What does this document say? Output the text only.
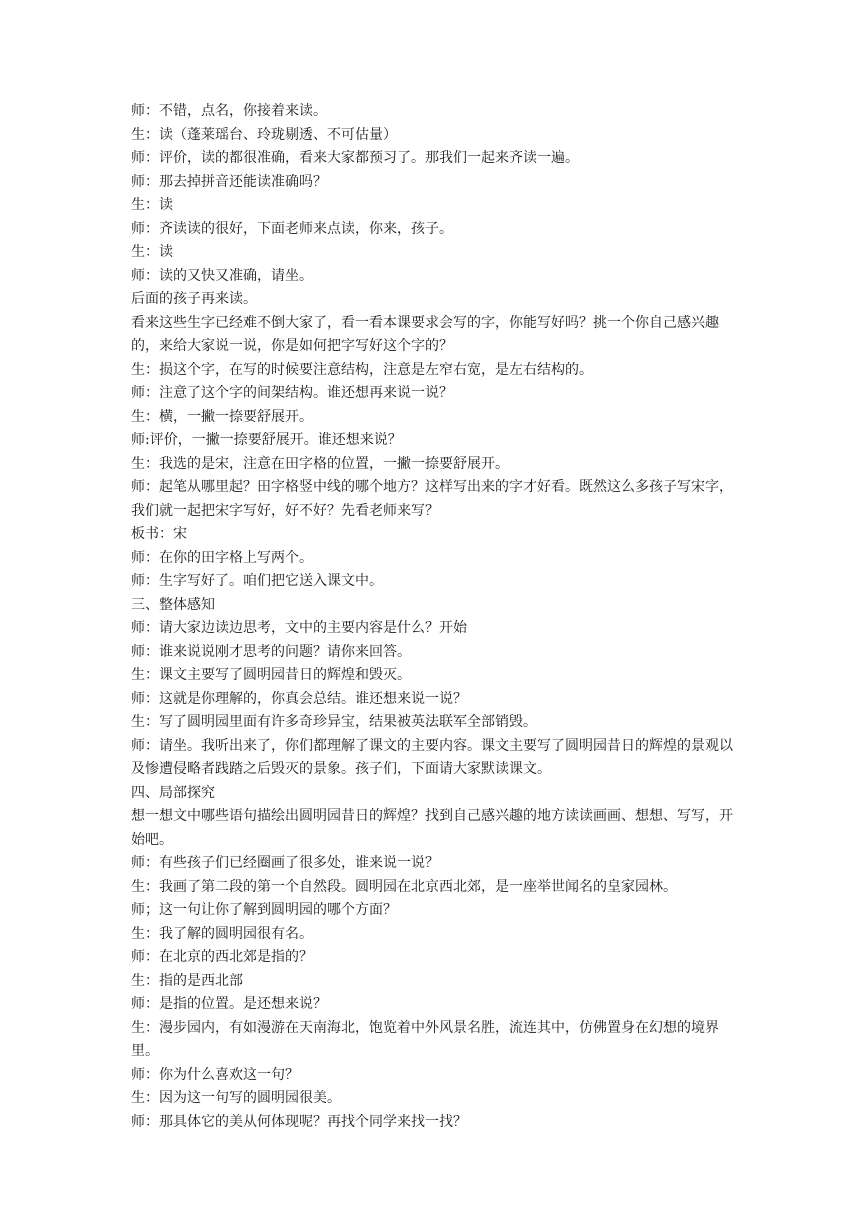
师：不错，点名，你接着来读。

生：读（蓬莱瑶台、玲珑剔透、不可估量）

师：评价，读的都很准确，看来大家都预习了。那我们一起来齐读一遍。

师：那去掉拼音还能读准确吗？

生：读

师：齐读读的很好，下面老师来点读，你来，孩子。

生：读

师：读的又快又准确，请坐。

后面的孩子再来读。

看来这些生字已经难不倒大家了，看一看本课要求会写的字，你能写好吗？挑一个你自己感兴趣的，来给大家说一说，你是如何把字写好这个字的？

生：损这个字，在写的时候要注意结构，注意是左窄右宽，是左右结构的。

师：注意了这个字的间架结构。谁还想再来说一说？

生：横，一撇一捺要舒展开。

师:评价，一撇一捺要舒展开。谁还想来说？

生：我选的是宋，注意在田字格的位置，一撇一捺要舒展开。

师：起笔从哪里起？田字格竖中线的哪个地方？这样写出来的字才好看。既然这么多孩子写宋字，我们就一起把宋字写好，好不好？先看老师来写？

板书：宋

师：在你的田字格上写两个。

师：生字写好了。咱们把它送入课文中。

三、整体感知

师：请大家边读边思考，文中的主要内容是什么？开始

师：谁来说说刚才思考的问题？请你来回答。

生：课文主要写了圆明园昔日的辉煌和毁灭。

师：这就是你理解的，你真会总结。谁还想来说一说？

生：写了圆明园里面有许多奇珍异宝，结果被英法联军全部销毁。

师：请坐。我听出来了，你们都理解了课文的主要内容。课文主要写了圆明园昔日的辉煌的景观以及惨遭侵略者践踏之后毁灭的景象。孩子们，下面请大家默读课文。

四、局部探究

想一想文中哪些语句描绘出圆明园昔日的辉煌？找到自己感兴趣的地方读读画画、想想、写写，开始吧。

师：有些孩子们已经圈画了很多处，谁来说一说？

生：我画了第二段的第一个自然段。圆明园在北京西北郊，是一座举世闻名的皇家园林。

师；这一句让你了解到圆明园的哪个方面？

生：我了解的圆明园很有名。

师：在北京的西北郊是指的？

生：指的是西北部

师：是指的位置。是还想来说？

生：漫步园内，有如漫游在天南海北，饱览着中外风景名胜，流连其中，仿佛置身在幻想的境界里。

师：你为什么喜欢这一句？

生：因为这一句写的圆明园很美。

师：那具体它的美从何体现呢？再找个同学来找一找？
